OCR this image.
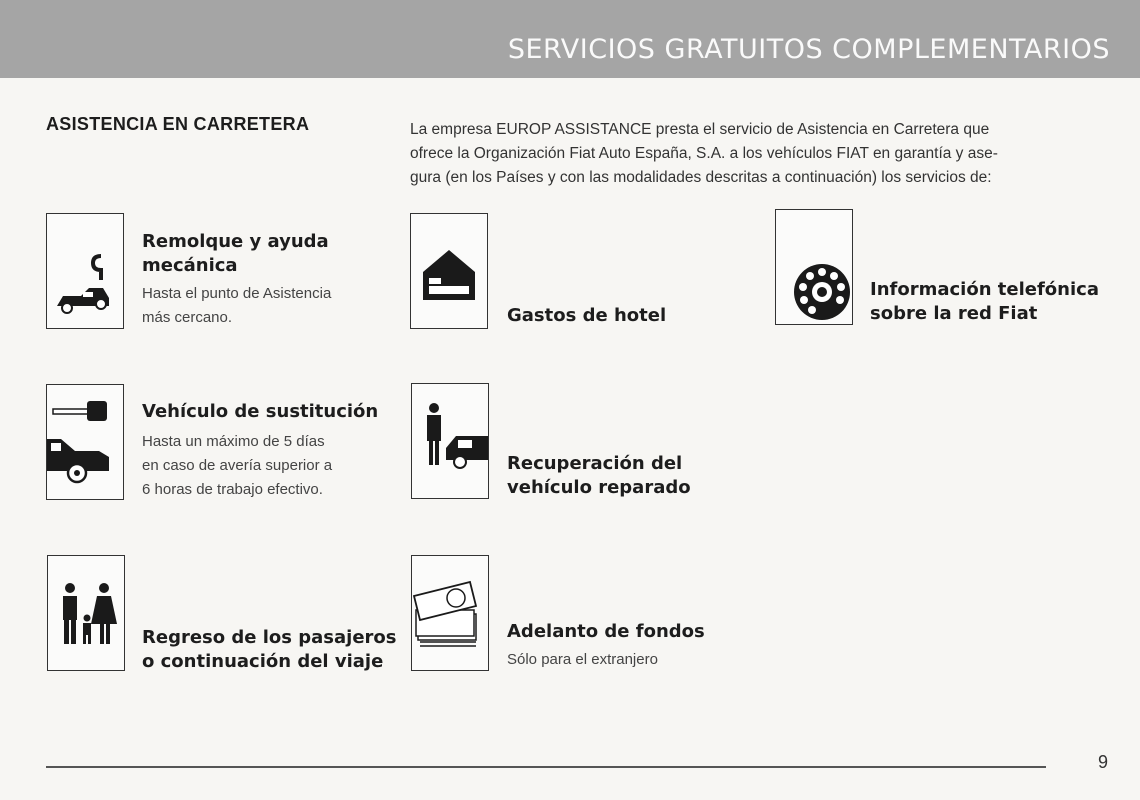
SERVICIOS GRATUITOS COMPLEMENTARIOS
ASISTENCIA EN CARRETERA	La empresa EUROP ASSISTANCE presta el servicio de Asistencia en Carretera que
ofrece la Organización Fiat Auto España, S.A. a los vehículos FIAT en garantía y ase-
gura (en los Países y con las modalidades descritas a continuación) los servicios de:
Remolque y ayuda
mecánica
Hasta el punto de Asistencia
más cercano.	Gastos de hotel
Información telefónica
sobre la red Fiat
Vehículo de sustitución
Hasta un máximo de 5 días
en caso de avería superior a
6 horas de trabajo efectivo.
Recuperación del
vehículo reparado
Regreso de los pasajeros
o continuación del viaje
Adelanto de fondos
Sólo para el extranjero
9
